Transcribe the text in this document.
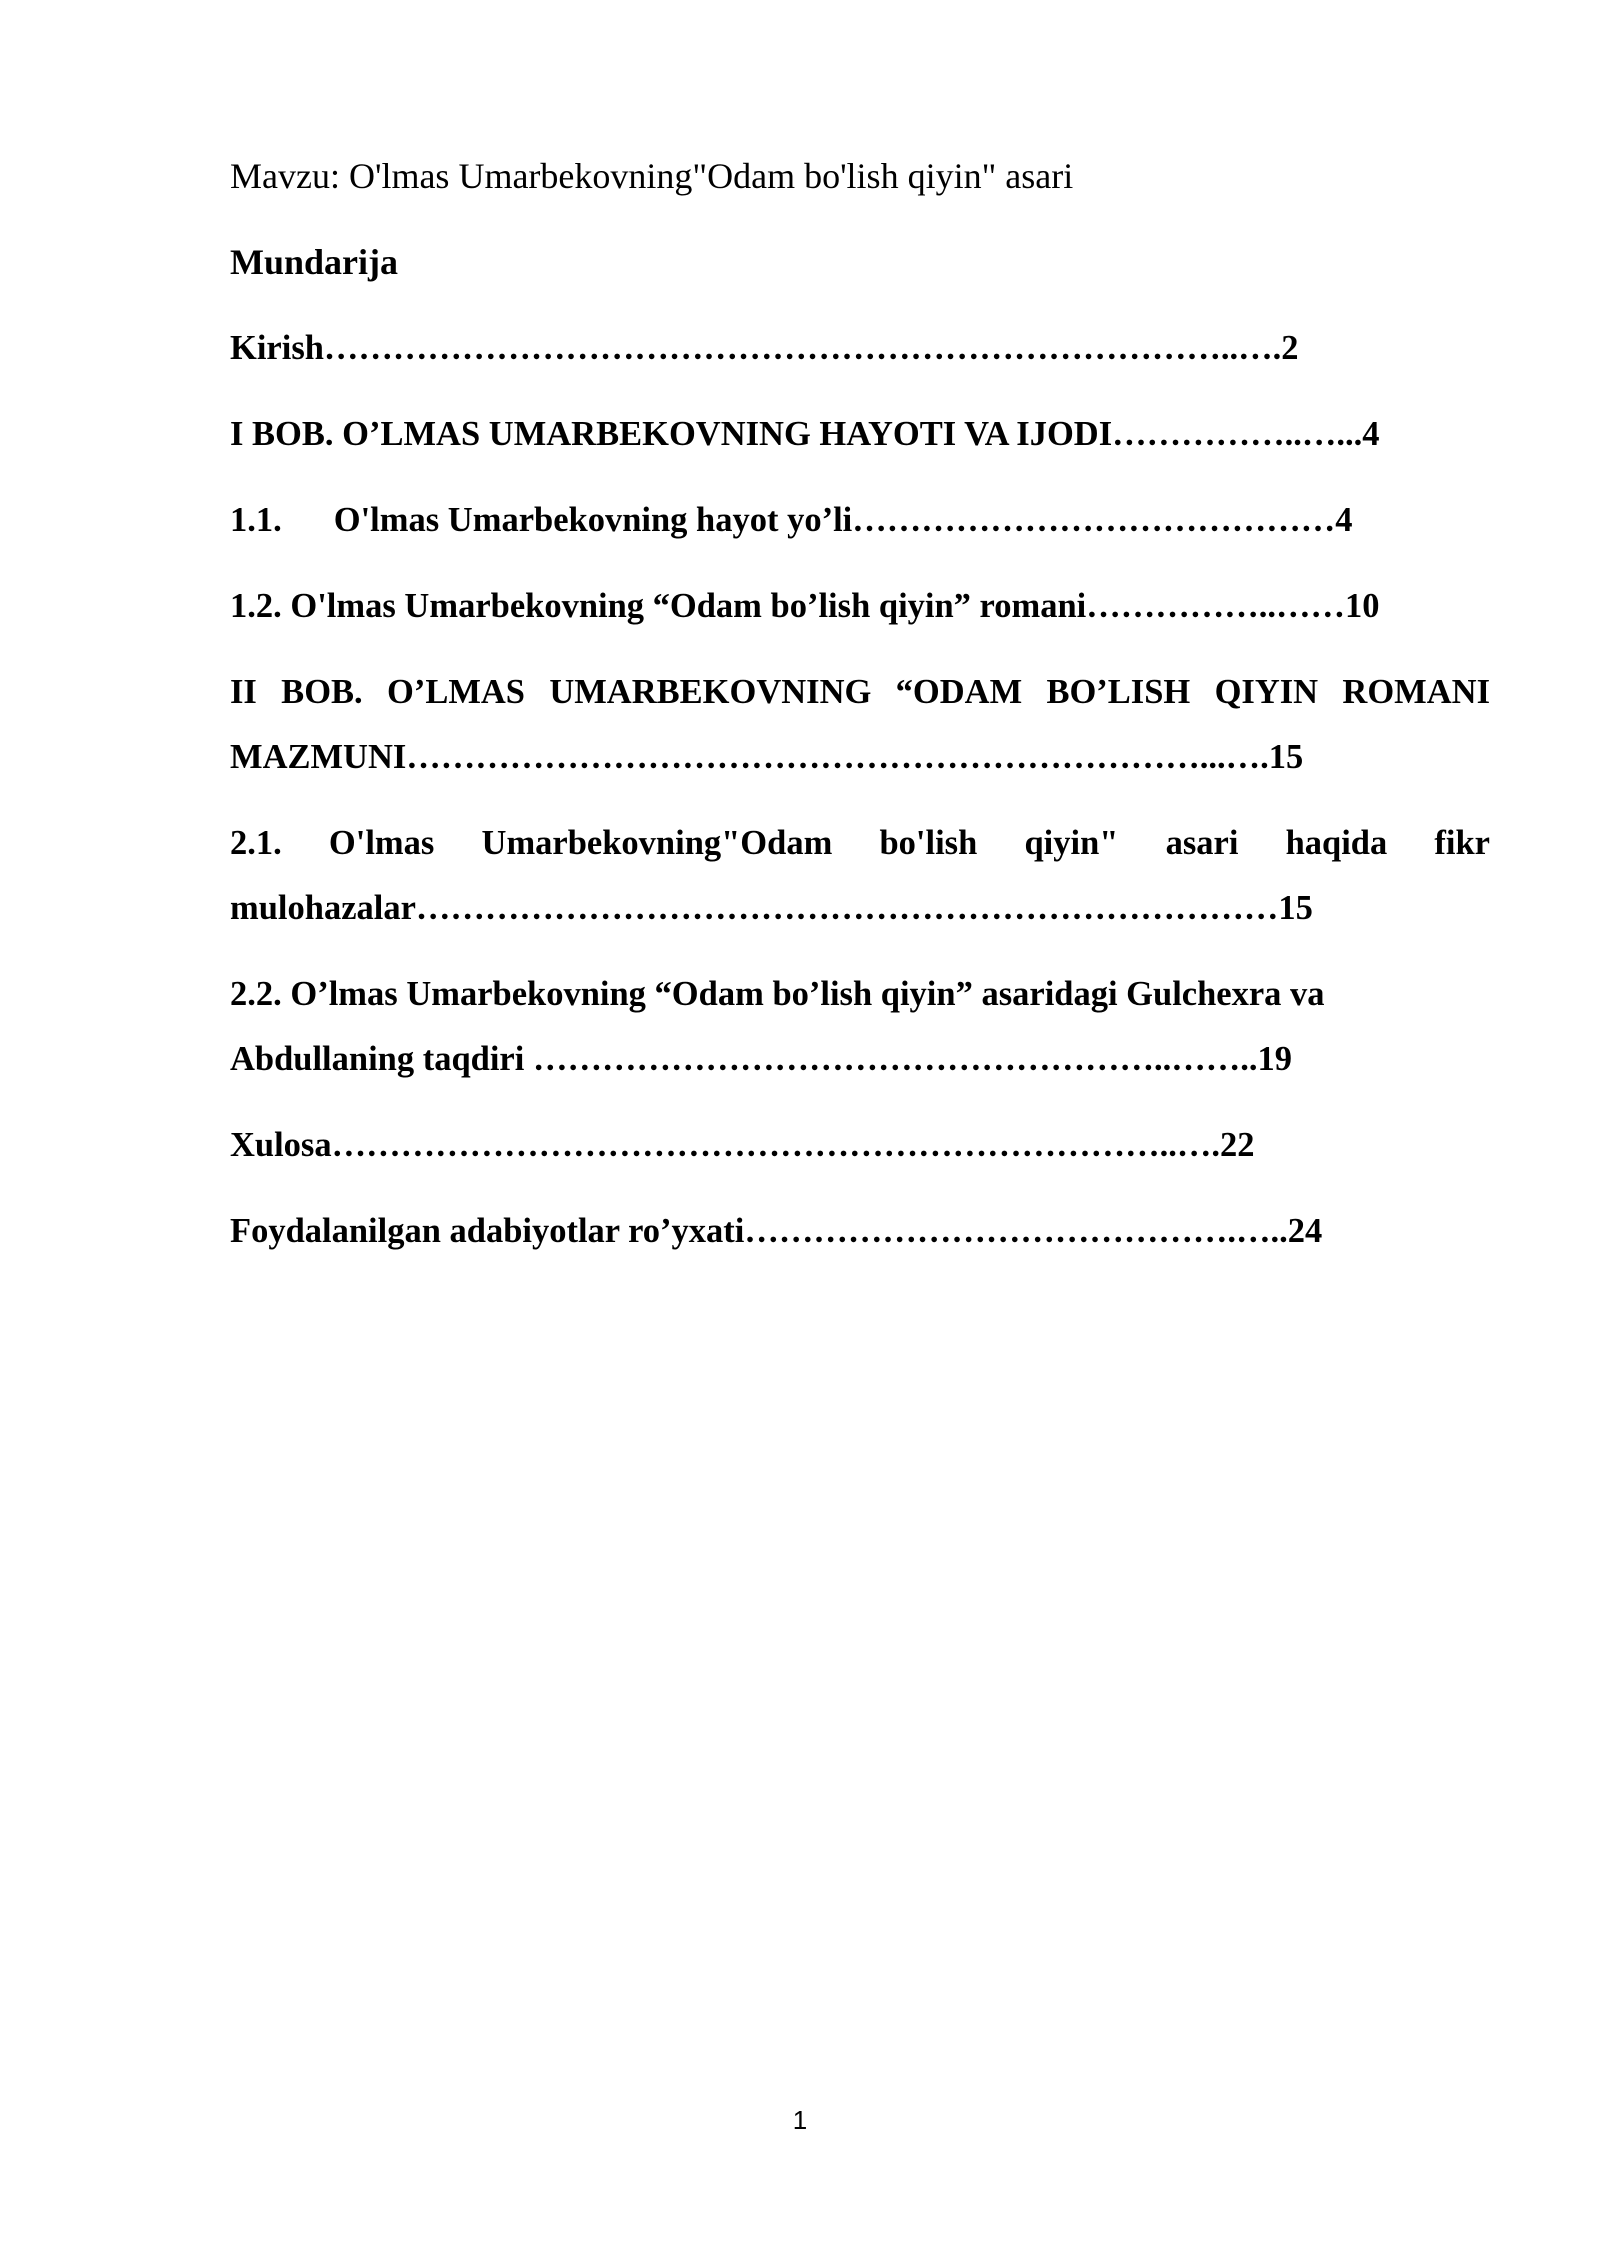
Mavzu: O'lmas Umarbekovning"Odam bo'lish qiyin" asari
Mundarija
Kirish……………………………………………………………………..….2
I BOB. O’LMAS UMARBEKOVNING HAYOTI VA IJODI……………..…...4
1.1. O'lmas Umarbekovning hayot yo’li……………………………………4
1.2. O'lmas Umarbekovning “Odam bo’lish qiyin” romani……………..……10
II BOB. O’LMAS UMARBEKOVNING “ODAM BO’LISH QIYIN ROMANI
MAZMUNI……………………………………………………………...….15
2.1. O'lmas Umarbekovning"Odam bo'lish qiyin" asari haqida fikr
mulohazalar…………………………………………………………………15
2.2. O’lmas Umarbekovning “Odam bo’lish qiyin” asaridagi Gulchexra va
Abdullaning taqdiri ………………………………………………..……..19
Xulosa………………………………………………………………..….22
Foydalanilgan adabiyotlar ro’yxati…………………………………….…..24
1
